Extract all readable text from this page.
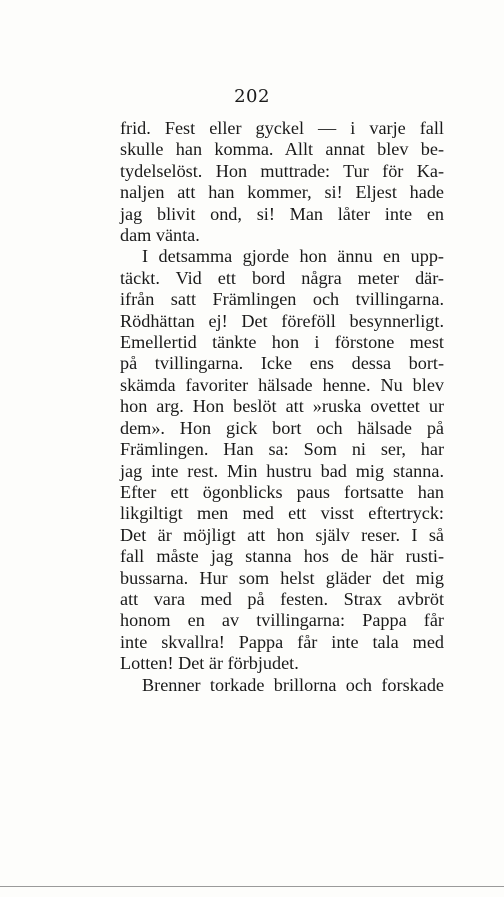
202

frid. Fest eller gyckel — i varje fall
skulle han komma. Allt annat blev be-
tydelselöst. Hon muttrade: Tur för Ka-
naljen att han kommer, si! Eljest hade
jag blivit ond, si! Man låter inte en
dam vänta.

I detsamma gjorde hon ännu en upp-
täckt. Vid ett bord några meter där-
ifrån satt Främlingen och tvillingarna.
Rödhättan ej! Det föreföll besynnerligt.
Emellertid tänkte hon i förstone mest
på tvillingarna. Icke ens dessa bort-
skämda favoriter hälsade henne. Nu blev
hon arg. Hon beslöt att »ruska ovettet ur
dem». Hon gick bort och hälsade på
Främlingen. Han sa: Som ni ser, har
jag inte rest. Min hustru bad mig stanna.
Efter ett ögonblicks paus fortsatte han
likgiltigt men med ett visst eftertryck:
Det är möjligt att hon själv reser. I så
fall måste jag stanna hos de här rusti-
bussarna. Hur som helst gläder det mig
att vara med på festen. Strax avbröt
honom en av tvillingarna: Pappa får
inte skvallra! Pappa får inte tala med
Lotten! Det är förbjudet.

Brenner torkade brillorna och forskade
